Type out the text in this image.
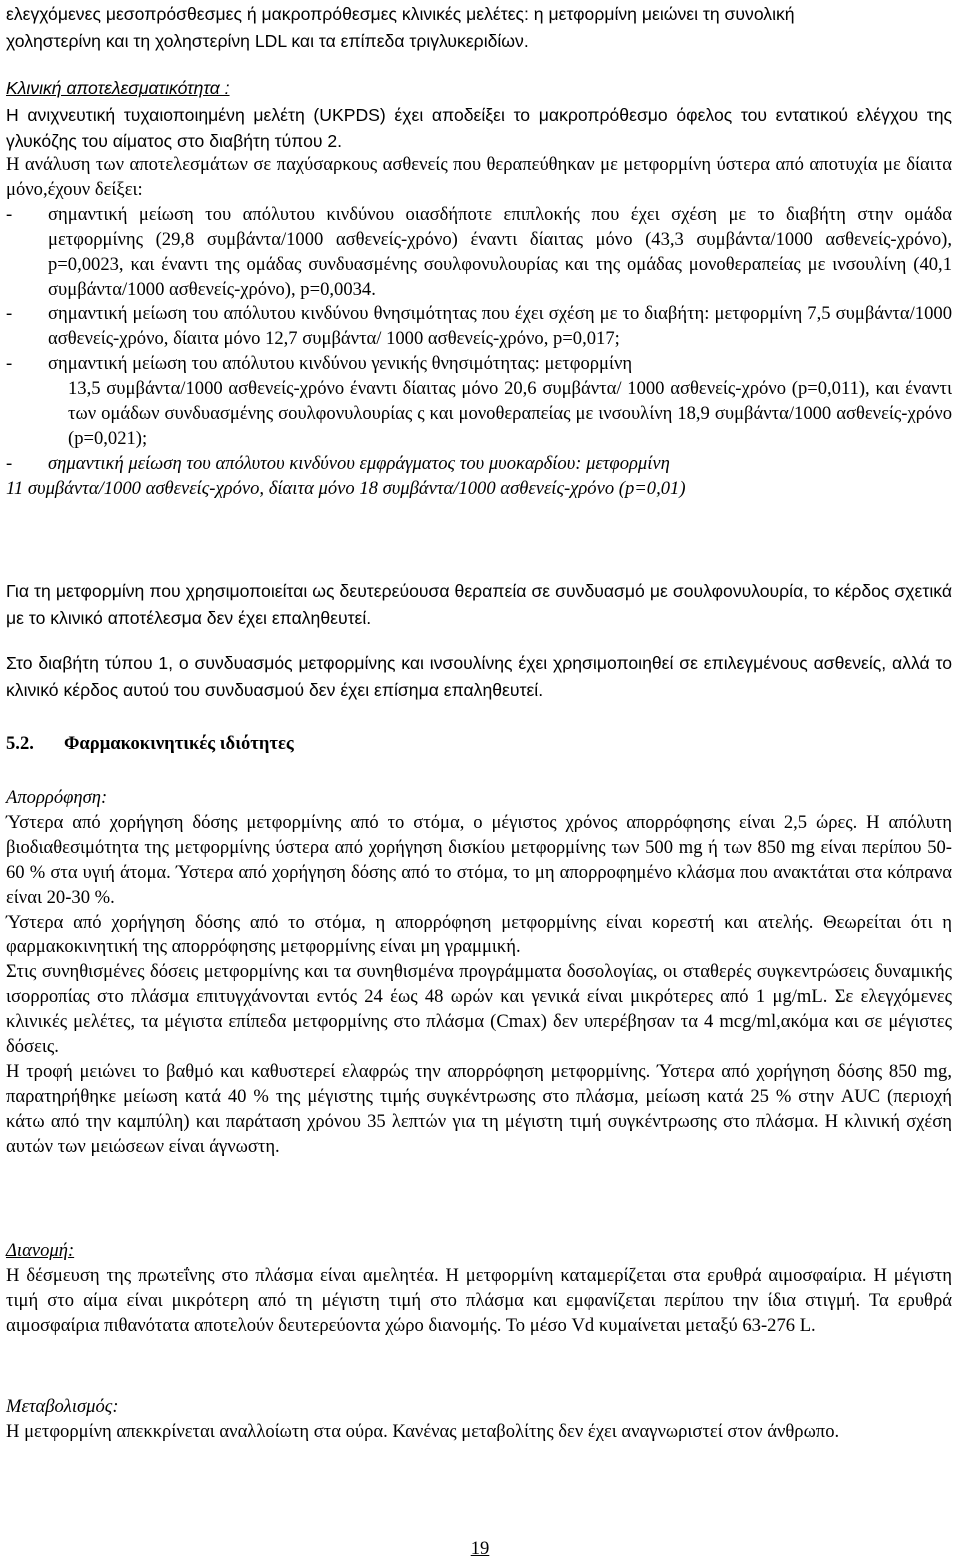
ελεγχόμενες μεσοπρόσθεσμες ή μακροπρόθεσμες κλινικές μελέτες: η μετφορμίνη μειώνει τη συνολική

χοληστερίνη και τη χοληστερίνη LDL και τα επίπεδα τριγλυκεριδίων.

Κλινική αποτελεσματικότητα :

Η ανιχνευτική τυχαιοποιημένη μελέτη (UKPDS) έχει αποδείξει το μακροπρόθεσμο όφελος του εντατικού ελέγχου της γλυκόζης του αίματος στο διαβήτη τύπου 2.

Η ανάλυση των αποτελεσμάτων σε παχύσαρκους ασθενείς που θεραπεύθηκαν με μετφορμίνη ύστερα από αποτυχία με δίαιτα μόνο,έχουν δείξει:

-	σημαντική μείωση του απόλυτου κινδύνου οιασδήποτε επιπλοκής που έχει σχέση με το διαβήτη στην ομάδα μετφορμίνης (29,8 συμβάντα/1000 ασθενείς-χρόνο) έναντι δίαιτας μόνο (43,3 συμβάντα/1000 ασθενείς-χρόνο), p=0,0023, και έναντι της ομάδας συνδυασμένης σουλφονυλουρίας και της ομάδας μονοθεραπείας με ινσουλίνη (40,1 συμβάντα/1000 ασθενείς-χρόνο), p=0,0034.
-	σημαντική μείωση του απόλυτου κινδύνου θνησιμότητας που έχει σχέση με το διαβήτη: μετφορμίνη 7,5 συμβάντα/1000 ασθενείς-χρόνο, δίαιτα μόνο 12,7 συμβάντα/ 1000 ασθενείς-χρόνο, p=0,017;
-	σημαντική μείωση του απόλυτου κινδύνου γενικής θνησιμότητας: μετφορμίνη

13,5 συμβάντα/1000 ασθενείς-χρόνο έναντι δίαιτας μόνο 20,6 συμβάντα/ 1000 ασθενείς-χρόνο (p=0,011), και έναντι των ομάδων συνδυασμένης σουλφονυλουρίας ς και μονοθεραπείας με ινσουλίνη 18,9 συμβάντα/1000 ασθενείς-χρόνο (p=0,021);

-	σημαντική μείωση του απόλυτου κινδύνου εμφράγματος του μυοκαρδίου: μετφορμίνη

11 συμβάντα/1000 ασθενείς-χρόνο, δίαιτα μόνο 18 συμβάντα/1000 ασθενείς-χρόνο (p=0,01)

Για τη μετφορμίνη που χρησιμοποιείται ως δευτερεύουσα θεραπεία σε συνδυασμό με σουλφονυλουρία, το κέρδος σχετικά με το κλινικό αποτέλεσμα δεν έχει επαληθευτεί.

Στο διαβήτη τύπου 1, ο συνδυασμός μετφορμίνης και ινσουλίνης έχει χρησιμοποιηθεί σε επιλεγμένους ασθενείς, αλλά το κλινικό κέρδος αυτού του συνδυασμού δεν έχει επίσημα επαληθευτεί.

5.2.	Φαρμακοκινητικές ιδιότητες

Απορρόφηση:

Ύστερα από χορήγηση δόσης μετφορμίνης από το στόμα, ο μέγιστος χρόνος απορρόφησης είναι 2,5 ώρες. Η απόλυτη βιοδιαθεσιμότητα της μετφορμίνης ύστερα από χορήγηση δισκίου μετφορμίνης των 500 mg ή των 850 mg είναι περίπου 50-60 % στα υγιή άτομα. Ύστερα από χορήγηση δόσης από το στόμα, το μη απορροφημένο κλάσμα που ανακτάται στα κόπρανα είναι 20-30 %.

Ύστερα από χορήγηση δόσης από το στόμα, η απορρόφηση μετφορμίνης είναι κορεστή και ατελής. Θεωρείται ότι η φαρμακοκινητική της απορρόφησης μετφορμίνης είναι μη γραμμική.

Στις συνηθισμένες δόσεις μετφορμίνης και τα συνηθισμένα προγράμματα δοσολογίας, οι σταθερές συγκεντρώσεις δυναμικής ισορροπίας στο πλάσμα επιτυγχάνονται εντός 24 έως 48 ωρών και γενικά είναι μικρότερες από 1 μg/mL. Σε ελεγχόμενες κλινικές μελέτες, τα μέγιστα επίπεδα μετφορμίνης στο πλάσμα (Cmax) δεν υπερέβησαν τα 4 mcg/ml,ακόμα και σε μέγιστες δόσεις.

Η τροφή μειώνει το βαθμό και καθυστερεί ελαφρώς την απορρόφηση μετφορμίνης. Ύστερα από χορήγηση δόσης 850 mg, παρατηρήθηκε μείωση κατά 40 % της μέγιστης τιμής συγκέντρωσης στο πλάσμα, μείωση κατά 25 % στην AUC (περιοχή κάτω από την καμπύλη) και παράταση χρόνου 35 λεπτών για τη μέγιστη τιμή συγκέντρωσης στο πλάσμα. Η κλινική σχέση αυτών των μειώσεων είναι άγνωστη.

Διανομή:

Η δέσμευση της πρωτεΐνης στο πλάσμα είναι αμελητέα. Η μετφορμίνη καταμερίζεται στα ερυθρά αιμοσφαίρια. Η μέγιστη τιμή στο αίμα είναι μικρότερη από τη μέγιστη τιμή στο πλάσμα και εμφανίζεται περίπου την ίδια στιγμή. Τα ερυθρά αιμοσφαίρια πιθανότατα αποτελούν δευτερεύοντα χώρο διανομής. Το μέσο Vd κυμαίνεται μεταξύ 63-276 L.

Μεταβολισμός:

Η μετφορμίνη απεκκρίνεται αναλλοίωτη στα ούρα. Κανένας μεταβολίτης δεν έχει αναγνωριστεί στον άνθρωπο.

19
